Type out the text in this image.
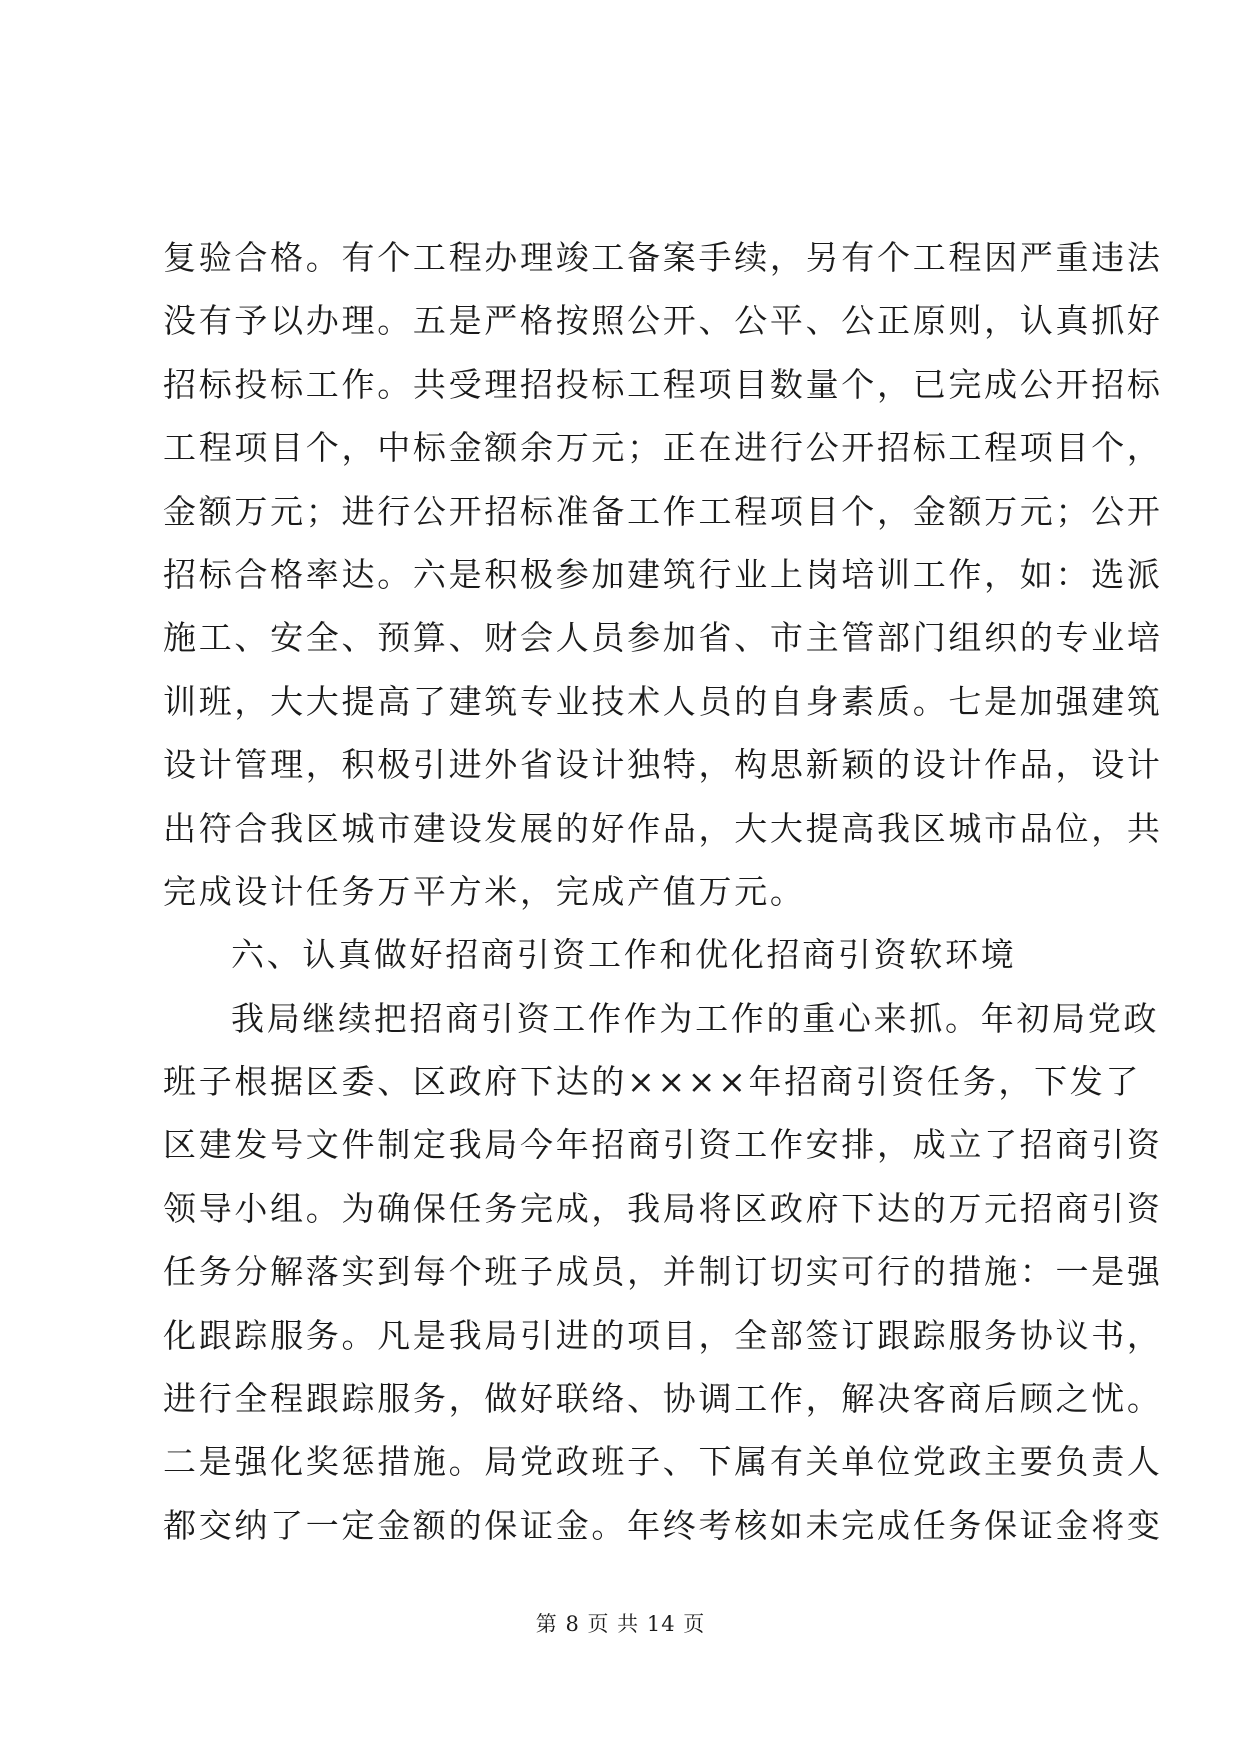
复验合格。有个工程办理竣工备案手续，另有个工程因严重违法
没有予以办理。五是严格按照公开、公平、公正原则，认真抓好
招标投标工作。共受理招投标工程项目数量个，已完成公开招标
工程项目个，中标金额余万元；正在进行公开招标工程项目个，
金额万元；进行公开招标准备工作工程项目个，金额万元；公开
招标合格率达。六是积极参加建筑行业上岗培训工作，如：选派
施工、安全、预算、财会人员参加省、市主管部门组织的专业培
训班，大大提高了建筑专业技术人员的自身素质。七是加强建筑
设计管理，积极引进外省设计独特，构思新颖的设计作品，设计
出符合我区城市建设发展的好作品，大大提高我区城市品位，共
完成设计任务万平方米，完成产值万元。
六、认真做好招商引资工作和优化招商引资软环境
我局继续把招商引资工作作为工作的重心来抓。年初局党政
班子根据区委、区政府下达的××××年招商引资任务，下发了
区建发号文件制定我局今年招商引资工作安排，成立了招商引资
领导小组。为确保任务完成，我局将区政府下达的万元招商引资
任务分解落实到每个班子成员，并制订切实可行的措施：一是强
化跟踪服务。凡是我局引进的项目，全部签订跟踪服务协议书，
进行全程跟踪服务，做好联络、协调工作，解决客商后顾之忧。
二是强化奖惩措施。局党政班子、下属有关单位党政主要负责人
都交纳了一定金额的保证金。年终考核如未完成任务保证金将变
第 8 页 共 14 页
